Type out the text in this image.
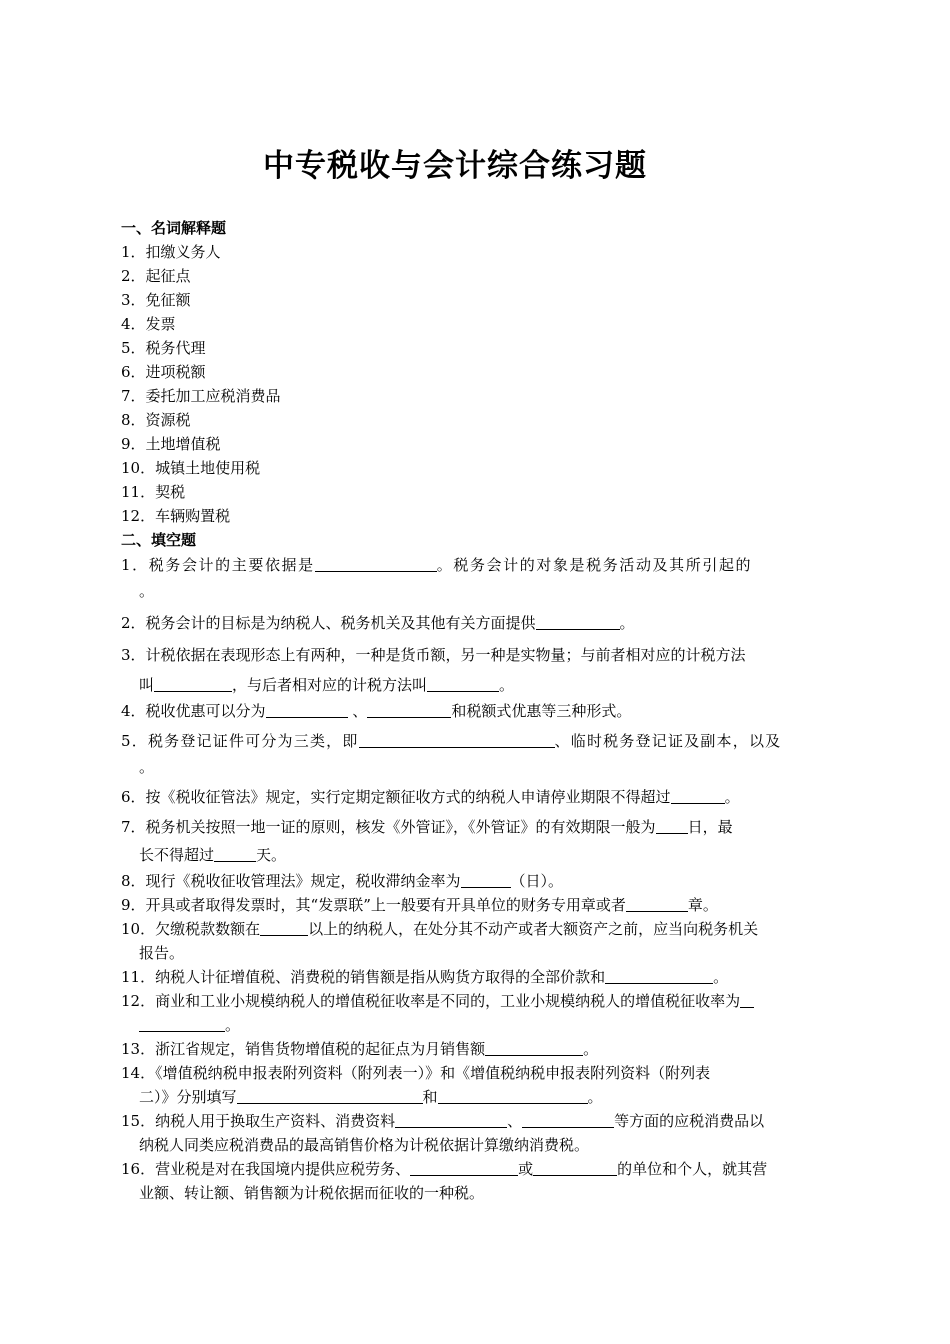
中专税收与会计综合练习题
一、名词解释题
1．扣缴义务人
2．起征点
3．免征额
4．发票
5．税务代理
6．进项税额
7．委托加工应税消费品
8．资源税
9．土地增值税
10．城镇土地使用税
11．契税
12．车辆购置税
二、填空题
1．税务会计的主要依据是	。税务会计的对象是税务活动及其所引起的
。
2．税务会计的目标是为纳税人、税务机关及其他有关方面提供	。
3．计税依据在表现形态上有两种，一种是货币额，另一种是实物量；与前者相对应的计税方法
叫	，与后者相对应的计税方法叫	。
4．税收优惠可以分为	、	和税额式优惠等三种形式。
5．税务登记证件可分为三类，即	、临时税务登记证及副本，以及
。
6．按《税收征管法》规定，实行定期定额征收方式的纳税人申请停业期限不得超过	。
7．税务机关按照一地一证的原则，核发《外管证》，《外管证》的有效期限一般为 日，最
长不得超过	天。
8．现行《税收征收管理法》规定，税收滞纳金率为	（日）。
9．开具或者取得发票时，其“发票联”上一般要有开具单位的财务专用章或者	章。
10．欠缴税款数额在	以上的纳税人，在处分其不动产或者大额资产之前，应当向税务机关
报告。
11．纳税人计征增值税、消费税的销售额是指从购货方取得的全部价款和	。
12．商业和工业小规模纳税人的增值税征收率是不同的，工业小规模纳税人的增值税征收率为
。
13．浙江省规定，销售货物增值税的起征点为月销售额	。
14．《增值税纳税申报表附列资料（附列表一）》和《增值税纳税申报表附列资料（附列表
二）》分别填写	和	。
15．纳税人用于换取生产资料、消费资料	、	等方面的应税消费品以
纳税人同类应税消费品的最高销售价格为计税依据计算缴纳消费税。
16．营业税是对在我国境内提供应税劳务、	或	的单位和个人，就其营
业额、转让额、销售额为计税依据而征收的一种税。
